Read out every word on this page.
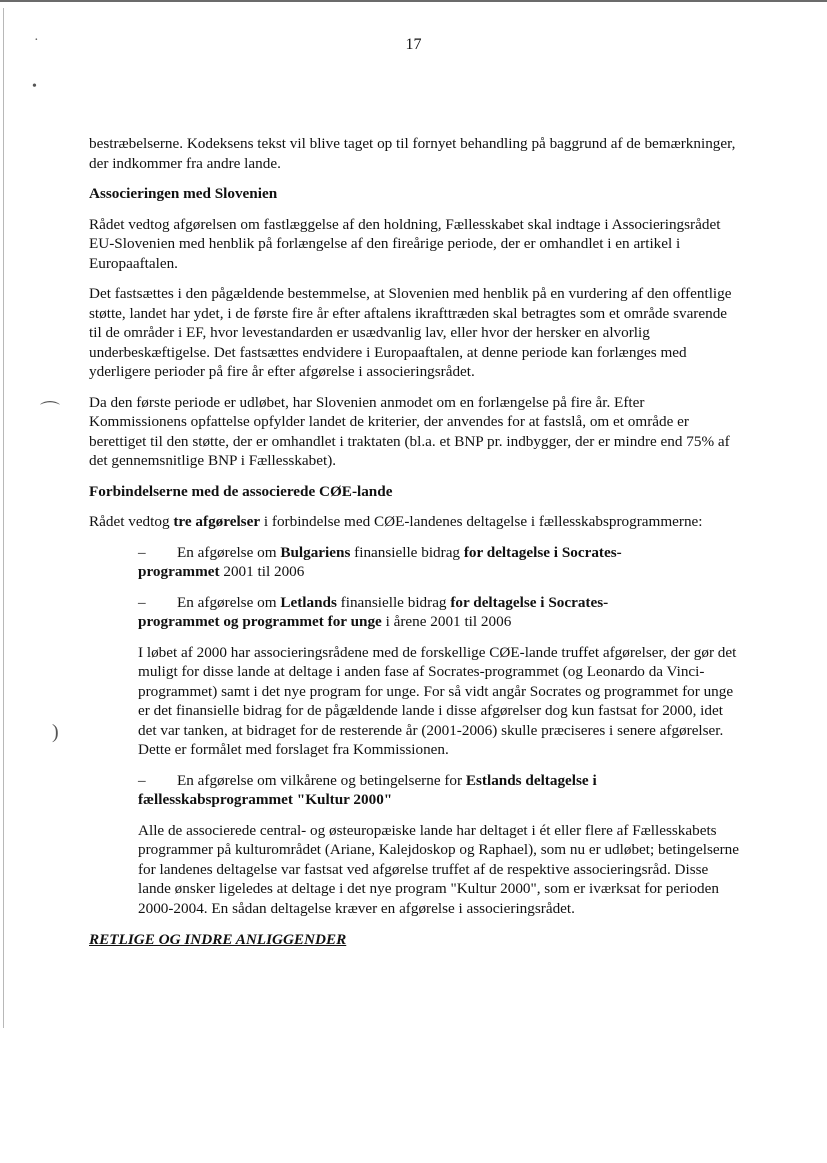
·
•
⌒
)
17

bestræbelserne. Kodeksens tekst vil blive taget op til fornyet behandling på baggrund af de bemærkninger, der indkommer fra andre lande.

Associeringen med Slovenien

Rådet vedtog afgørelsen om fastlæggelse af den holdning, Fællesskabet skal indtage i Associeringsrådet EU-Slovenien med henblik på forlængelse af den fireårige periode, der er omhandlet i en artikel i Europaaftalen.

Det fastsættes i den pågældende bestemmelse, at Slovenien med henblik på en vurdering af den offentlige støtte, landet har ydet, i de første fire år efter aftalens ikrafttræden skal betragtes som et område svarende til de områder i EF, hvor levestandarden er usædvanlig lav, eller hvor der hersker en alvorlig underbeskæftigelse. Det fastsættes endvidere i Europaaftalen, at denne periode kan forlænges med yderligere perioder på fire år efter afgørelse i associeringsrådet.

Da den første periode er udløbet, har Slovenien anmodet om en forlængelse på fire år. Efter Kommissionens opfattelse opfylder landet de kriterier, der anvendes for at fastslå, om et område er berettiget til den støtte, der er omhandlet i traktaten (bl.a. et BNP pr. indbygger, der er mindre end 75% af det gennemsnitlige BNP i Fællesskabet).

Forbindelserne med de associerede CØE-lande

Rådet vedtog tre afgørelser i forbindelse med CØE-landenes deltagelse i fællesskabsprogrammerne:

– En afgørelse om Bulgariens finansielle bidrag for deltagelse i Socrates-
programmet 2001 til 2006

– En afgørelse om Letlands finansielle bidrag for deltagelse i Socrates-
programmet og programmet for unge i årene 2001 til 2006

I løbet af 2000 har associeringsrådene med de forskellige CØE-lande truffet afgørelser, der gør det muligt for disse lande at deltage i anden fase af Socrates-programmet (og Leonardo da Vinci-programmet) samt i det nye program for unge. For så vidt angår Socrates og programmet for unge er det finansielle bidrag for de pågældende lande i disse afgørelser dog kun fastsat for 2000, idet det var tanken, at bidraget for de resterende år (2001-2006) skulle præciseres i senere afgørelser. Dette er formålet med forslaget fra Kommissionen.

– En afgørelse om vilkårene og betingelserne for Estlands deltagelse i
fællesskabsprogrammet "Kultur 2000"

Alle de associerede central- og østeuropæiske lande har deltaget i ét eller flere af Fællesskabets programmer på kulturområdet (Ariane, Kalejdoskop og Raphael), som nu er udløbet; betingelserne for landenes deltagelse var fastsat ved afgørelse truffet af de respektive associeringsråd. Disse lande ønsker ligeledes at deltage i det nye program "Kultur 2000", som er iværksat for perioden 2000-2004. En sådan deltagelse kræver en afgørelse i associeringsrådet.

RETLIGE OG INDRE ANLIGGENDER
